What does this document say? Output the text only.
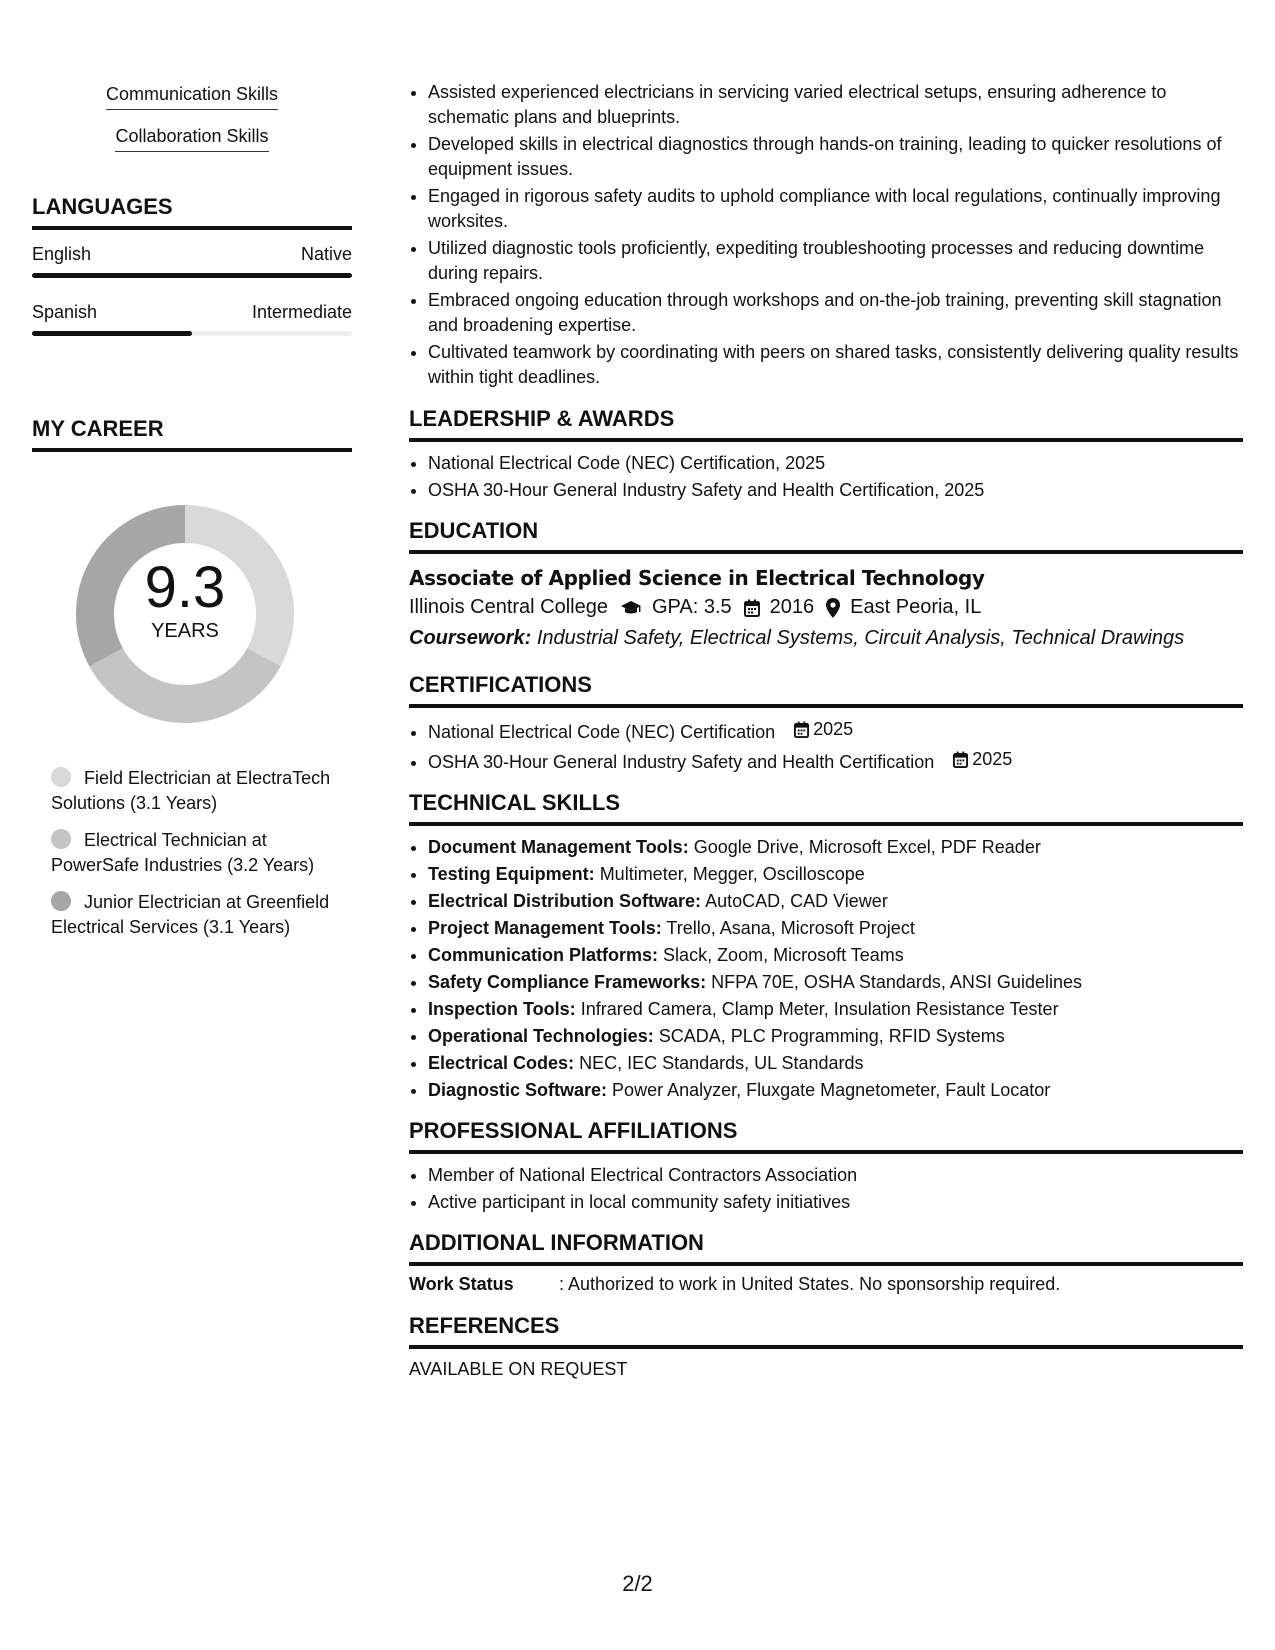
Communication Skills
Collaboration Skills
LANGUAGES
English	Native
Spanish	Intermediate
MY CAREER
9.3
YEARS
Field Electrician at ElectraTech Solutions (3.1 Years)
Electrical Technician at PowerSafe Industries (3.2 Years)
Junior Electrician at Greenfield Electrical Services (3.1 Years)
• Assisted experienced electricians in servicing varied electrical setups, ensuring adherence to schematic plans and blueprints.
• Developed skills in electrical diagnostics through hands-on training, leading to quicker resolutions of equipment issues.
• Engaged in rigorous safety audits to uphold compliance with local regulations, continually improving worksites.
• Utilized diagnostic tools proficiently, expediting troubleshooting processes and reducing downtime during repairs.
• Embraced ongoing education through workshops and on-the-job training, preventing skill stagnation and broadening expertise.
• Cultivated teamwork by coordinating with peers on shared tasks, consistently delivering quality results within tight deadlines.
LEADERSHIP & AWARDS
• National Electrical Code (NEC) Certification, 2025
• OSHA 30-Hour General Industry Safety and Health Certification, 2025
EDUCATION
Associate of Applied Science in Electrical Technology
Illinois Central College GPA: 3.5 2016 East Peoria, IL
Coursework: Industrial Safety, Electrical Systems, Circuit Analysis, Technical Drawings
CERTIFICATIONS
• National Electrical Code (NEC) Certification 2025
• OSHA 30-Hour General Industry Safety and Health Certification 2025
TECHNICAL SKILLS
• Document Management Tools: Google Drive, Microsoft Excel, PDF Reader
• Testing Equipment: Multimeter, Megger, Oscilloscope
• Electrical Distribution Software: AutoCAD, CAD Viewer
• Project Management Tools: Trello, Asana, Microsoft Project
• Communication Platforms: Slack, Zoom, Microsoft Teams
• Safety Compliance Frameworks: NFPA 70E, OSHA Standards, ANSI Guidelines
• Inspection Tools: Infrared Camera, Clamp Meter, Insulation Resistance Tester
• Operational Technologies: SCADA, PLC Programming, RFID Systems
• Electrical Codes: NEC, IEC Standards, UL Standards
• Diagnostic Software: Power Analyzer, Fluxgate Magnetometer, Fault Locator
PROFESSIONAL AFFILIATIONS
• Member of National Electrical Contractors Association
• Active participant in local community safety initiatives
ADDITIONAL INFORMATION
Work Status	: Authorized to work in United States. No sponsorship required.
REFERENCES
AVAILABLE ON REQUEST
2/2
